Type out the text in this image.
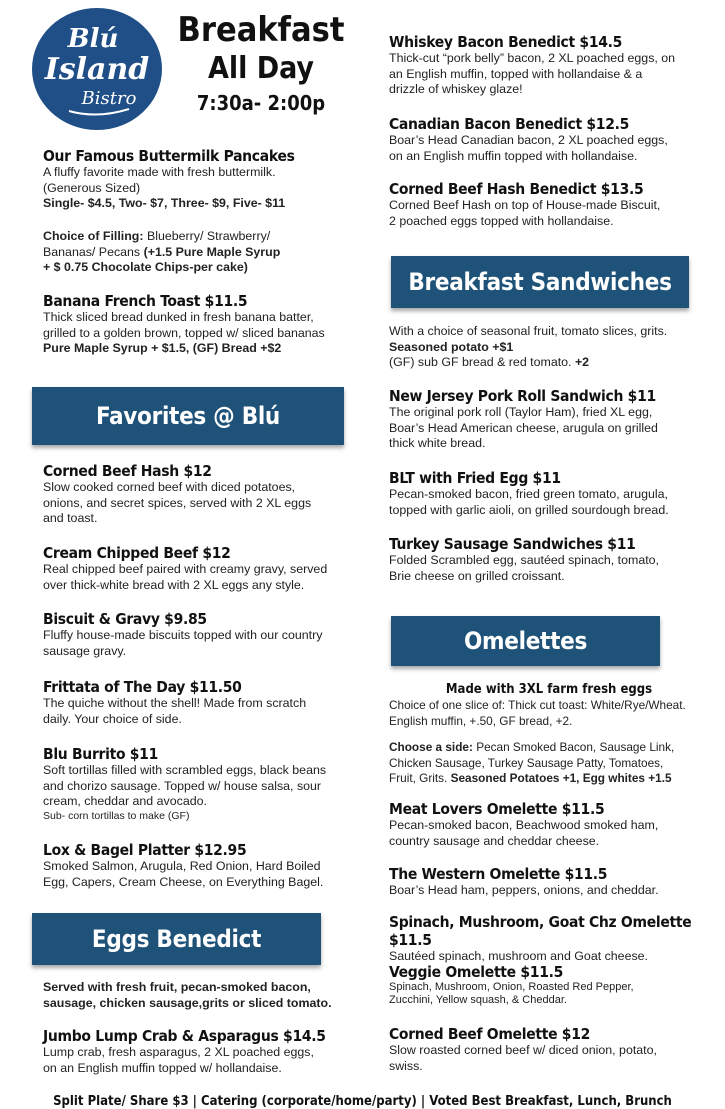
Blú
Island
Bistro
Breakfast
All Day
7:30a- 2:00p
Our Famous Buttermilk Pancakes
A fluffy favorite made with fresh buttermilk.
(Generous Sized)
Single- $4.5, Two- $7, Three- $9, Five- $11
Choice of Filling: Blueberry/ Strawberry/
Bananas/ Pecans (+1.5 Pure Maple Syrup
+ $ 0.75 Chocolate Chips-per cake)
Banana French Toast $11.5
Thick sliced bread dunked in fresh banana batter,
grilled to a golden brown, topped w/ sliced bananas
Pure Maple Syrup + $1.5, (GF) Bread +$2
Favorites @ Blú
Corned Beef Hash $12
Slow cooked corned beef with diced potatoes,
onions, and secret spices, served with 2 XL eggs
and toast.
Cream Chipped Beef $12
Real chipped beef paired with creamy gravy, served
over thick-white bread with 2 XL eggs any style.
Biscuit & Gravy $9.85
Fluffy house-made biscuits topped with our country
sausage gravy.
Frittata of The Day $11.50
The quiche without the shell! Made from scratch
daily. Your choice of side.
Blu Burrito $11
Soft tortillas filled with scrambled eggs, black beans
and chorizo sausage. Topped w/ house salsa, sour
cream, cheddar and avocado.
Sub- corn tortillas to make (GF)
Lox & Bagel Platter $12.95
Smoked Salmon, Arugula, Red Onion, Hard Boiled
Egg, Capers, Cream Cheese, on Everything Bagel.
Eggs Benedict
Served with fresh fruit, pecan-smoked bacon,
sausage, chicken sausage,grits or sliced tomato.
Jumbo Lump Crab & Asparagus $14.5
Lump crab, fresh asparagus, 2 XL poached eggs,
on an English muffin topped w/ hollandaise.
Whiskey Bacon Benedict $14.5
Thick-cut “pork belly” bacon, 2 XL poached eggs, on
an English muffin, topped with hollandaise & a
drizzle of whiskey glaze!
Canadian Bacon Benedict $12.5
Boar’s Head Canadian bacon, 2 XL poached eggs,
on an English muffin topped with hollandaise.
Corned Beef Hash Benedict $13.5
Corned Beef Hash on top of House-made Biscuit,
2 poached eggs topped with hollandaise.
Breakfast Sandwiches
With a choice of seasonal fruit, tomato slices, grits.
Seasoned potato +$1
(GF) sub GF bread & red tomato. +2
New Jersey Pork Roll Sandwich $11
The original pork roll (Taylor Ham), fried XL egg,
Boar’s Head American cheese, arugula on grilled
thick white bread.
BLT with Fried Egg $11
Pecan-smoked bacon, fried green tomato, arugula,
topped with garlic aioli, on grilled sourdough bread.
Turkey Sausage Sandwiches $11
Folded Scrambled egg, sautéed spinach, tomato,
Brie cheese on grilled croissant.
Omelettes
Made with 3XL farm fresh eggs
Choice of one slice of: Thick cut toast: White/Rye/Wheat.
English muffin, +.50, GF bread, +2.
Choose a side: Pecan Smoked Bacon, Sausage Link,
Chicken Sausage, Turkey Sausage Patty, Tomatoes,
Fruit, Grits. Seasoned Potatoes +1, Egg whites +1.5
Meat Lovers Omelette $11.5
Pecan-smoked bacon, Beachwood smoked ham,
country sausage and cheddar cheese.
The Western Omelette $11.5
Boar’s Head ham, peppers, onions, and cheddar.
Spinach, Mushroom, Goat Chz Omelette $11.5
Sautéed spinach, mushroom and Goat cheese.
Veggie Omelette $11.5
Spinach, Mushroom, Onion, Roasted Red Pepper,
Zucchini, Yellow squash, & Cheddar.
Corned Beef Omelette $12
Slow roasted corned beef w/ diced onion, potato,
swiss.
Split Plate/ Share $3 | Catering (corporate/home/party) | Voted Best Breakfast, Lunch, Brunch
